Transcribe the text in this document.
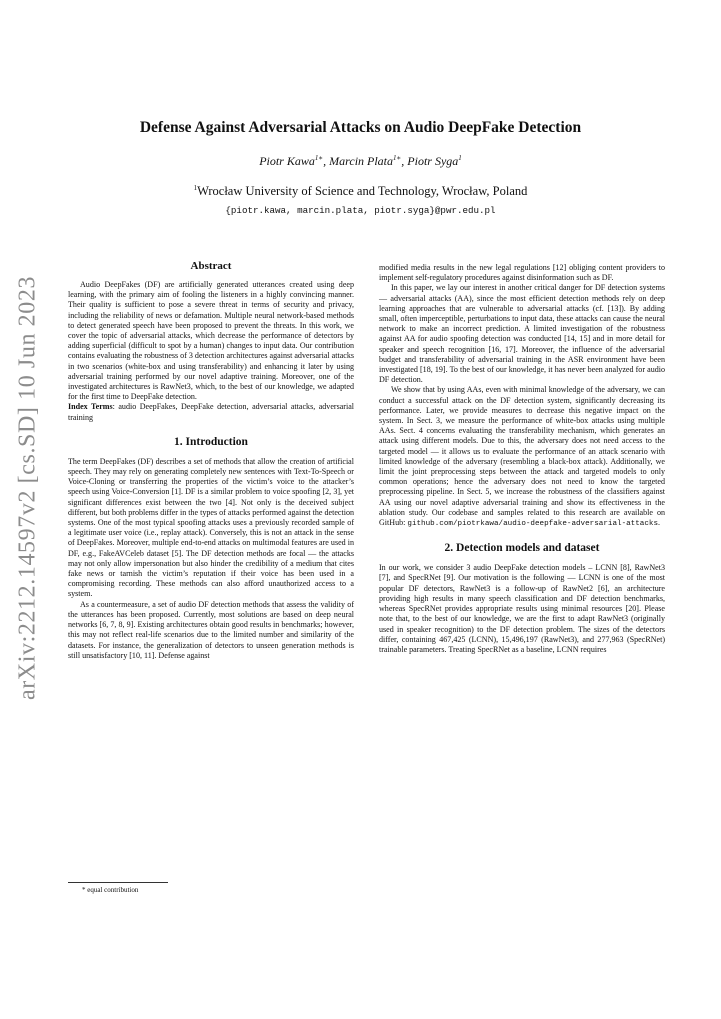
arXiv:2212.14597v2 [cs.SD] 10 Jun 2023
Defense Against Adversarial Attacks on Audio DeepFake Detection
Piotr Kawa$^{1∗}$, Marcin Plata$^{1∗}$, Piotr Syga$^1$
$^1$Wrocław University of Science and Technology, Wrocław, Poland
{piotr.kawa, marcin.plata, piotr.syga}@pwr.edu.pl
Abstract

Audio DeepFakes (DF) are artificially generated utterances created using deep learning, with the primary aim of fooling the listeners in a highly convincing manner. Their quality is sufficient to pose a severe threat in terms of security and privacy, including the reliability of news or defamation. Multiple neural network-based methods to detect generated speech have been proposed to prevent the threats. In this work, we cover the topic of adversarial attacks, which decrease the performance of detectors by adding superficial (difficult to spot by a human) changes to input data. Our contribution contains evaluating the robustness of 3 detection architectures against adversarial attacks in two scenarios (white-box and using transferability) and enhancing it later by using adversarial training performed by our novel adaptive training. Moreover, one of the investigated architectures is RawNet3, which, to the best of our knowledge, we adapted for the first time to DeepFake detection.

Index Terms: audio DeepFakes, DeepFake detection, adversarial attacks, adversarial training

1. Introduction

The term DeepFakes (DF) describes a set of methods that allow the creation of artificial speech. They may rely on generating completely new sentences with Text-To-Speech or Voice-Cloning or transferring the properties of the victim’s voice to the attacker’s speech using Voice-Conversion [1]. DF is a similar problem to voice spoofing [2, 3], yet significant differences exist between the two [4]. Not only is the deceived subject different, but both problems differ in the types of attacks performed against the detection systems. One of the most typical spoofing attacks uses a previously recorded sample of a legitimate user voice (i.e., replay attack). Conversely, this is not an attack in the sense of DeepFakes. Moreover, multiple end-to-end attacks on multimodal features are used in DF, e.g., FakeAVCeleb dataset [5]. The DF detection methods are focal — the attacks may not only allow impersonation but also hinder the credibility of a medium that cites fake news or tarnish the victim’s reputation if their voice has been used in a compromising recording. These methods can also afford unauthorized access to a system.

As a countermeasure, a set of audio DF detection methods that assess the validity of the utterances has been proposed. Currently, most solutions are based on deep neural networks [6, 7, 8, 9]. Existing architectures obtain good results in benchmarks; however, this may not reflect real-life scenarios due to the limited number and similarity of the datasets. For instance, the generalization of detectors to unseen generation methods is still unsatisfactory [10, 11]. Defense against

* equal contribution

modified media results in the new legal regulations [12] obliging content providers to implement self-regulatory procedures against disinformation such as DF.

In this paper, we lay our interest in another critical danger for DF detection systems — adversarial attacks (AA), since the most efficient detection methods rely on deep learning approaches that are vulnerable to adversarial attacks (cf. [13]). By adding small, often imperceptible, perturbations to input data, these attacks can cause the neural network to make an incorrect prediction. A limited investigation of the robustness against AA for audio spoofing detection was conducted [14, 15] and in more detail for speaker and speech recognition [16, 17]. Moreover, the influence of the adversarial budget and transferability of adversarial training in the ASR environment have been investigated [18, 19]. To the best of our knowledge, it has never been analyzed for audio DF detection.

We show that by using AAs, even with minimal knowledge of the adversary, we can conduct a successful attack on the DF detection system, significantly decreasing its performance. Later, we provide measures to decrease this negative impact on the system. In Sect. 3, we measure the performance of white-box attacks using multiple AAs. Sect. 4 concerns evaluating the transferability mechanism, which generates an attack using different models. Due to this, the adversary does not need access to the targeted model — it allows us to evaluate the performance of an attack scenario with limited knowledge of the adversary (resembling a black-box attack). Additionally, we limit the joint preprocessing steps between the attack and targeted models to only common operations; hence the adversary does not need to know the targeted preprocessing pipeline. In Sect. 5, we increase the robustness of the classifiers against AA using our novel adaptive adversarial training and show its effectiveness in the ablation study. Our codebase and samples related to this research are available on GitHub: github.com/piotrkawa/audio-deepfake-adversarial-attacks.

2. Detection models and dataset

In our work, we consider 3 audio DeepFake detection models – LCNN [8], RawNet3 [7], and SpecRNet [9]. Our motivation is the following — LCNN is one of the most popular DF detectors, RawNet3 is a follow-up of RawNet2 [6], an architecture providing high results in many speech classification and DF detection benchmarks, whereas SpecRNet provides appropriate results using minimal resources [20]. Please note that, to the best of our knowledge, we are the first to adapt RawNet3 (originally used in speaker recognition) to the DF detection problem. The sizes of the detectors differ, containing 467,425 (LCNN), 15,496,197 (RawNet3), and 277,963 (SpecRNet) trainable parameters. Treating SpecRNet as a baseline, LCNN requires
